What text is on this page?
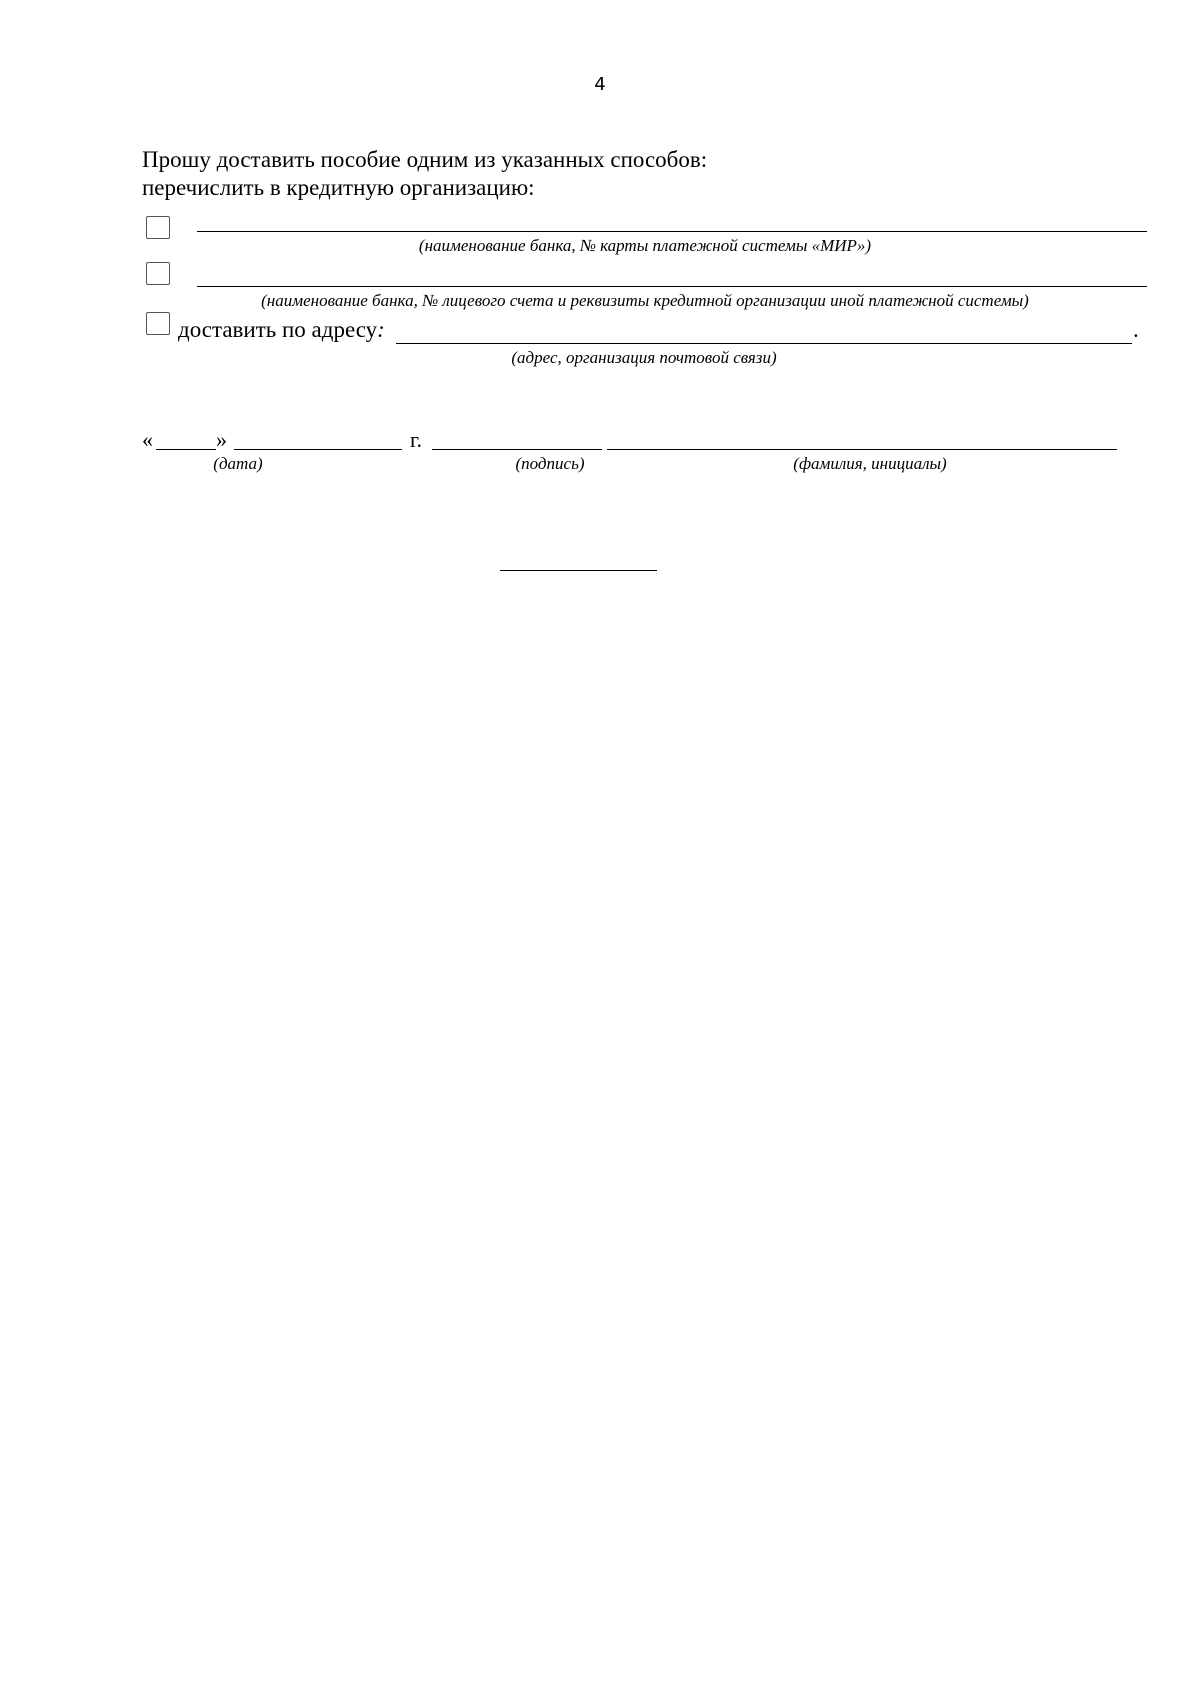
4
Прошу доставить пособие одним из указанных способов:
перечислить в кредитную организацию:
(наименование банка, № карты платежной системы «МИР»)
(наименование банка, № лицевого счета и реквизиты кредитной организации иной платежной системы)
доставить по адресу:	.
(адрес, организация почтовой связи)
«	»	г.
(дата)	(подпись)	(фамилия, инициалы)
